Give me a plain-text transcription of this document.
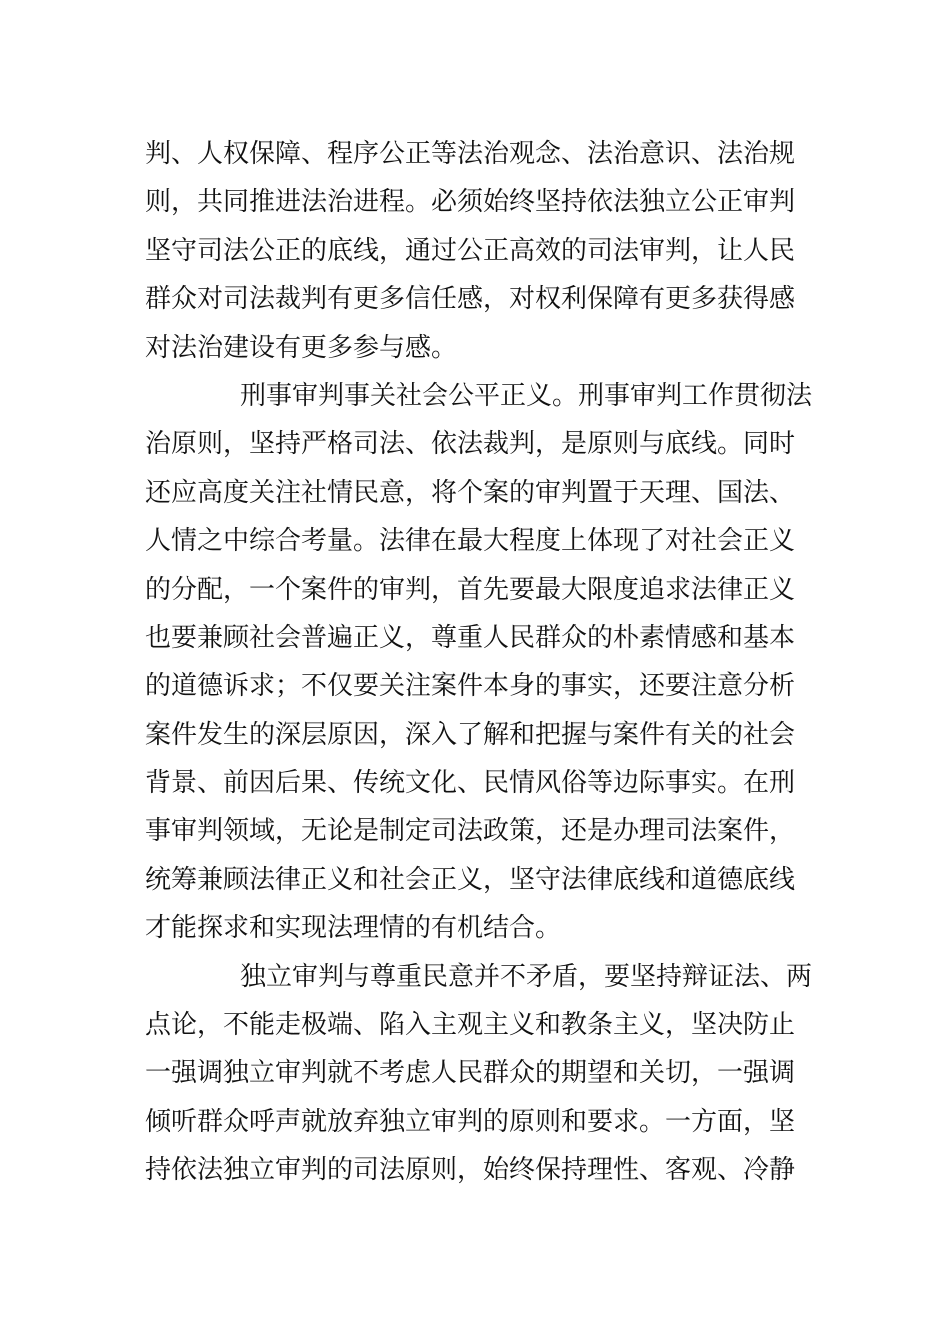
判、人权保障、程序公正等法治观念、法治意识、法治规
则，共同推进法治进程。必须始终坚持依法独立公正审判
坚守司法公正的底线，通过公正高效的司法审判，让人民
群众对司法裁判有更多信任感，对权利保障有更多获得感
对法治建设有更多参与感。
刑事审判事关社会公平正义。刑事审判工作贯彻法
治原则，坚持严格司法、依法裁判，是原则与底线。同时
还应高度关注社情民意，将个案的审判置于天理、国法、
人情之中综合考量。法律在最大程度上体现了对社会正义
的分配，一个案件的审判，首先要最大限度追求法律正义
也要兼顾社会普遍正义，尊重人民群众的朴素情感和基本
的道德诉求；不仅要关注案件本身的事实，还要注意分析
案件发生的深层原因，深入了解和把握与案件有关的社会
背景、前因后果、传统文化、民情风俗等边际事实。在刑
事审判领域，无论是制定司法政策，还是办理司法案件，
统筹兼顾法律正义和社会正义，坚守法律底线和道德底线
才能探求和实现法理情的有机结合。
独立审判与尊重民意并不矛盾，要坚持辩证法、两
点论，不能走极端、陷入主观主义和教条主义，坚决防止
一强调独立审判就不考虑人民群众的期望和关切，一强调
倾听群众呼声就放弃独立审判的原则和要求。一方面，坚
持依法独立审判的司法原则，始终保持理性、客观、冷静
